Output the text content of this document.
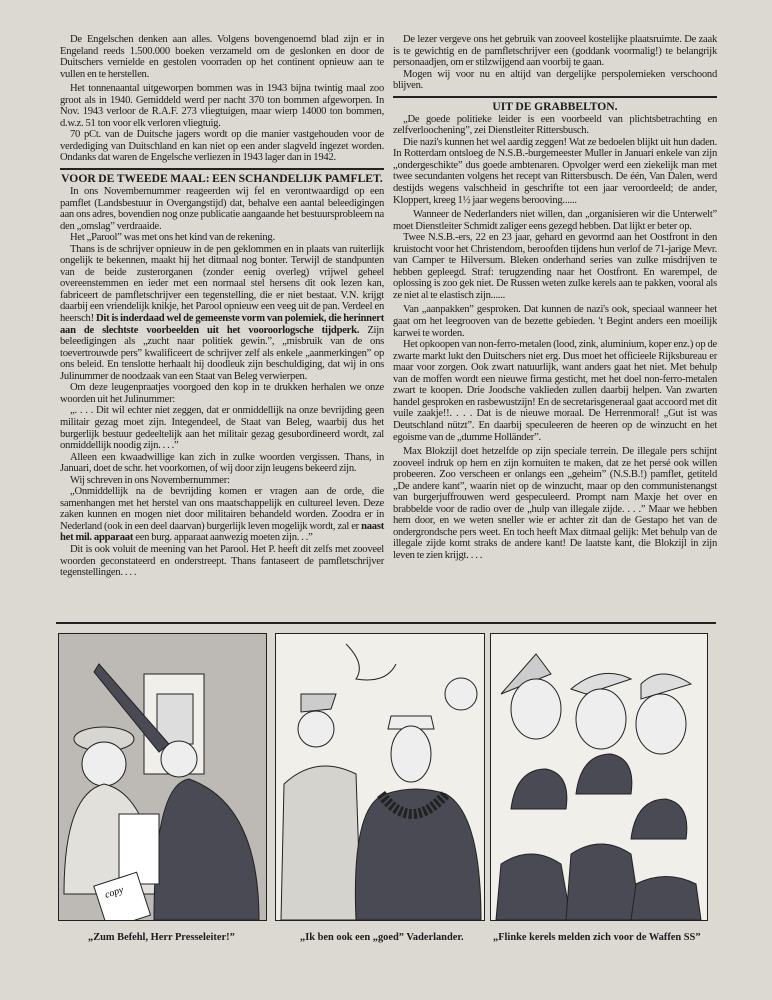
De Engelschen denken aan alles. Volgens bovengenoemd blad zijn er in Engeland reeds 1.500.000 boeken verzameld om de geslonken en door de Duitschers vernielde en gestolen voorraden op het continent opnieuw aan te vullen en te herstellen.

Het tonnenaantal uitgeworpen bommen was in 1943 bijna twintig maal zoo groot als in 1940. Gemiddeld werd per nacht 370 ton bommen afgeworpen. In Nov. 1943 verloor de R.A.F. 273 vliegtuigen, maar wierp 14000 ton bommen, d.w.z. 51 ton voor elk verloren vliegtuig.

70 pCt. van de Duitsche jagers wordt op die manier vastgehouden voor de verdediging van Duitschland en kan niet op een ander slagveld ingezet worden. Ondanks dat waren de Engelsche verliezen in 1943 lager dan in 1942.

VOOR DE TWEEDE MAAL: EEN SCHANDELIJK PAMFLET.

In ons Novembernummer reageerden wij fel en verontwaardigd op een pamflet (Landsbestuur in Overgangstijd) dat, behalve een aantal beleedigingen aan ons adres, bovendien nog onze publicatie aangaande het bestuursprobleem na den „omslag” verdraaide.

Het „Parool” was met ons het kind van de rekening.

Thans is de schrijver opnieuw in de pen geklommen en in plaats van ruiterlijk ongelijk te bekennen, maakt hij het ditmaal nog bonter. Terwijl de standpunten van de beide zusterorganen (zonder eenig overleg) vrijwel geheel overeenstemmen en ieder met een normaal stel hersens dit ook lezen kan, fabriceert de pamfletschrijver een tegenstelling, die er niet bestaat. V.N. krijgt daarbij een vriendelijk knikje, het Parool opnieuw een veeg uit de pan. Verdeel en heersch! Dit is inderdaad wel de gemeenste vorm van polemiek, die herinnert aan de slechtste voorbeelden uit het vooroorlogsche tijdperk. Zijn beleedigingen als „zucht naar politiek gewin.”, „misbruik van de ons toevertrouwde pers” kwalificeert de schrijver zelf als enkele „aanmerkingen” op ons beleid. En tenslotte herhaalt hij doodleuk zijn beschuldiging, dat wij in ons Julinummer de noodzaak van een Staat van Beleg verwierpen.

Om deze leugenpraatjes voorgoed den kop in te drukken herhalen we onze woorden uit het Julinummer:

„. . . . Dit wil echter niet zeggen, dat er onmiddellijk na onze bevrijding geen militair gezag moet zijn. Integendeel, de Staat van Beleg, waarbij dus het burgerlijk bestuur gedeeltelijk aan het militair gezag gesubordineerd wordt, zal onmiddellijk noodig zijn. . . .”

Alleen een kwaadwillige kan zich in zulke woorden vergissen. Thans, in Januari, doet de schr. het voorkomen, of wij door zijn leugens bekeerd zijn.

Wij schreven in ons Novembernummer:

„Onmiddellijk na de bevrijding komen er vragen aan de orde, die samenhangen met het herstel van ons maatschappelijk en cultureel leven. Deze zaken kunnen en mogen niet door militairen behandeld worden. Zoodra er in Nederland (ook in een deel daarvan) burgerlijk leven mogelijk wordt, zal er naast het mil. apparaat een burg. apparaat aanwezig moeten zijn. . .”

Dit is ook voluit de meening van het Parool. Het P. heeft dit zelfs met zooveel woorden geconstateerd en onderstreept. Thans fantaseert de pamfletschrijver tegenstellingen. . . .

De lezer vergeve ons het gebruik van zooveel kostelijke plaatsruimte. De zaak is te gewichtig en de pamfletschrijver een (goddank voormalig!) te belangrijk personaadjen, om er stilzwijgend aan voorbij te gaan.

Mogen wij voor nu en altijd van dergelijke perspolemieken verschoond blijven.

UIT DE GRABBELTON.

„De goede politieke leider is een voorbeeld van plichtsbetrachting en zelfverloochening”, zei Dienstleiter Rittersbusch.

Die nazi's kunnen het wel aardig zeggen! Wat ze bedoelen blijkt uit hun daden. In Rotterdam ontsloeg de N.S.B.-burgemeester Muller in Januari enkele van zijn „ondergeschikte” dus goede ambtenaren. Opvolger werd een ziekelijk man met twee secundanten volgens het recept van Rittersbusch. De één, Van Dalen, werd destijds wegens valschheid in geschrifte tot een jaar veroordeeld; de ander, Kloppert, kreeg 1½ jaar wegens berooving......

Wanneer de Nederlanders niet willen, dan „organisieren wir die Unterwelt” moet Dienstleiter Schmidt zaliger eens gezegd hebben. Dat lijkt er beter op.

Twee N.S.B.-ers, 22 en 23 jaar, gehard en gevormd aan het Oostfront in den kruistocht voor het Christendom, beroofden tijdens hun verlof de 71-jarige Mevr. van Camper te Hilversum. Bleken onderhand series van zulke misdrijven te hebben gepleegd. Straf: terugzending naar het Oostfront. En warempel, de oplossing is zoo gek niet. De Russen weten zulke kerels aan te pakken, vooral als ze niet al te elastisch zijn......

Van „aanpakken” gesproken. Dat kunnen de nazi's ook, speciaal wanneer het gaat om het leegrooven van de bezette gebieden. 't Begint anders een moeilijk karwei te worden.

Het opkoopen van non-ferro-metalen (lood, zink, aluminium, koper enz.) op de zwarte markt lukt den Duitschers niet erg. Dus moet het officieele Rijksbureau er maar voor zorgen. Ook zwart natuurlijk, want anders gaat het niet. Met behulp van de moffen wordt een nieuwe firma gesticht, met het doel non-ferro-metalen zwart te koopen. Drie Joodsche vaklieden zullen daarbij helpen. Van zwarten handel gesproken en rasbewustzijn! En de secretarisgeneraal gaat accoord met dit vuile zaakje!!. . . . Dat is de nieuwe moraal. De Herrenmoral! „Gut ist was Deutschland nützt”. En daarbij speculeeren de heeren op de winzucht en het egoisme van de „dumme Holländer”.

Max Blokzijl doet hetzelfde op zijn speciale terrein. De illegale pers schijnt zooveel indruk op hem en zijn kornuiten te maken, dat ze het persé ook willen probeeren. Zoo verscheen er onlangs een „geheim” (N.S.B.!) pamflet, getiteld „De andere kant”, waarin niet op de winzucht, maar op den communistenangst van burgerjuffrouwen werd gespeculeerd. Prompt nam Maxje het over en brabbelde voor de radio over de „hulp van illegale zijde. . . .” Maar we hebben hem door, en we weten sneller wie er achter zit dan de Gestapo het van de ondergrondsche pers weet. En toch heeft Max ditmaal gelijk: Met behulp van de illegale zijde komt straks de andere kant! De laatste kant, die Blokzijl in zijn leven te zien krijgt. . . .

copy
„Zum Befehl, Herr Presseleiter!”	„Ik ben ook een „goed” Vaderlander.	„Flinke kerels melden zich voor de Waffen SS”
